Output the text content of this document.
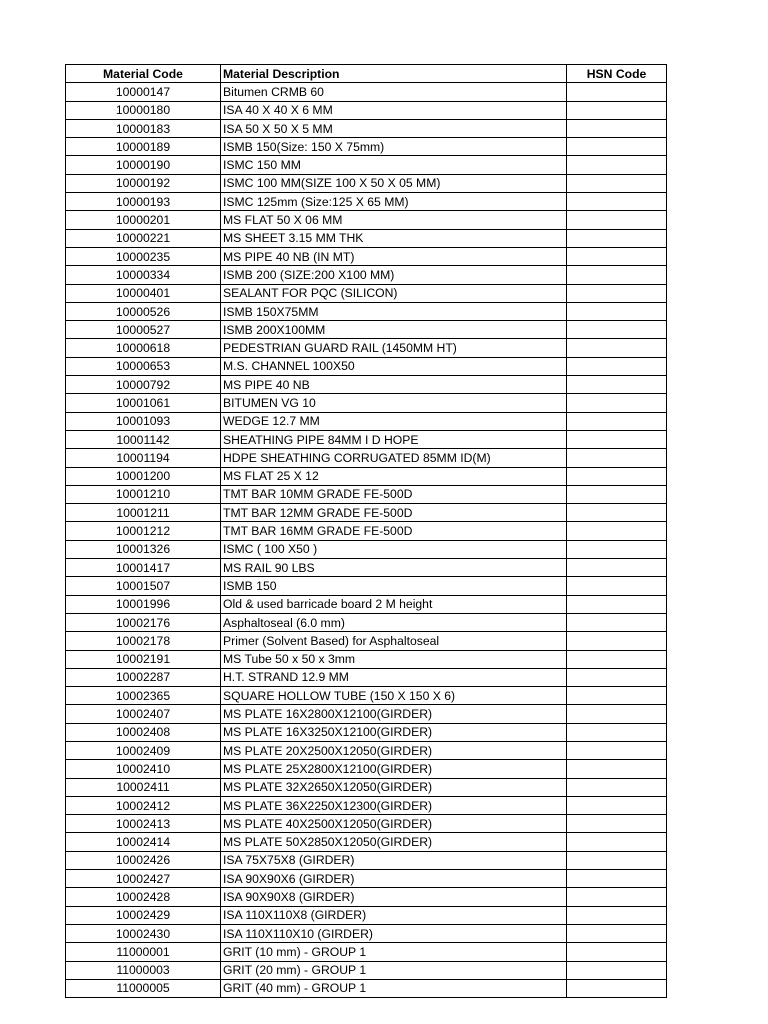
Material Code	Material Description	HSN Code
10000147	Bitumen CRMB 60	
10000180	ISA 40 X 40 X 6 MM	
10000183	ISA 50 X 50 X 5 MM	
10000189	ISMB 150(Size: 150 X 75mm)	
10000190	ISMC 150 MM	
10000192	ISMC 100 MM(SIZE 100 X 50 X 05 MM)	
10000193	ISMC 125mm (Size:125 X 65 MM)	
10000201	MS FLAT 50 X 06 MM	
10000221	MS SHEET 3.15 MM THK	
10000235	MS PIPE 40 NB (IN MT)	
10000334	ISMB 200 (SIZE:200 X100 MM)	
10000401	SEALANT FOR PQC (SILICON)	
10000526	ISMB 150X75MM	
10000527	ISMB 200X100MM	
10000618	PEDESTRIAN GUARD RAIL (1450MM HT)	
10000653	M.S. CHANNEL 100X50	
10000792	MS PIPE 40 NB	
10001061	BITUMEN VG 10	
10001093	WEDGE 12.7 MM	
10001142	SHEATHING PIPE 84MM I D HOPE	
10001194	HDPE SHEATHING CORRUGATED 85MM ID(M)	
10001200	MS FLAT 25 X 12	
10001210	TMT BAR 10MM GRADE FE-500D	
10001211	TMT BAR 12MM GRADE FE-500D	
10001212	TMT BAR 16MM GRADE FE-500D	
10001326	ISMC ( 100 X50 )	
10001417	MS RAIL 90 LBS	
10001507	ISMB 150	
10001996	Old & used barricade board 2 M height	
10002176	Asphaltoseal (6.0 mm)	
10002178	Primer (Solvent Based) for Asphaltoseal	
10002191	MS Tube 50 x 50 x 3mm	
10002287	H.T. STRAND 12.9 MM	
10002365	SQUARE HOLLOW TUBE (150 X 150 X 6)	
10002407	MS PLATE 16X2800X12100(GIRDER)	
10002408	MS PLATE 16X3250X12100(GIRDER)	
10002409	MS PLATE 20X2500X12050(GIRDER)	
10002410	MS PLATE 25X2800X12100(GIRDER)	
10002411	MS PLATE 32X2650X12050(GIRDER)	
10002412	MS PLATE 36X2250X12300(GIRDER)	
10002413	MS PLATE 40X2500X12050(GIRDER)	
10002414	MS PLATE 50X2850X12050(GIRDER)	
10002426	ISA 75X75X8 (GIRDER)	
10002427	ISA 90X90X6 (GIRDER)	
10002428	ISA 90X90X8 (GIRDER)	
10002429	ISA 110X110X8 (GIRDER)	
10002430	ISA 110X110X10 (GIRDER)	
11000001	GRIT (10 mm) - GROUP 1	
11000003	GRIT (20 mm) - GROUP 1	
11000005	GRIT (40 mm) - GROUP 1	
